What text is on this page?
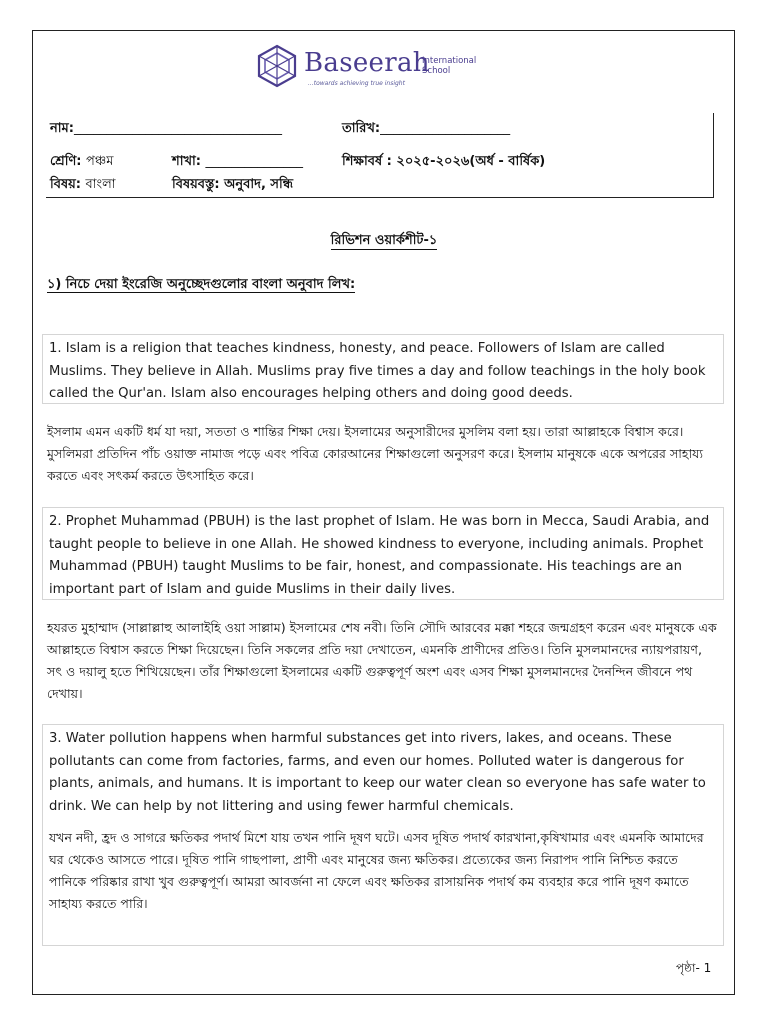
Baseerah
International
School
...towards achieving true insight
নাম:________________________________	তারিখ:____________________
শ্রেণি: পঞ্চম	শাখা: _______________	শিক্ষাবর্ষ : ২০২৫-২০২৬(অর্ধ - বার্ষিক)
বিষয়: বাংলা	বিষয়বস্তু: অনুবাদ, সন্ধি
রিভিশন ওয়ার্কশীট-১
১) নিচে দেয়া ইংরেজি অনুচ্ছেদগুলোর বাংলা অনুবাদ লিখ:
1. Islam is a religion that teaches kindness, honesty, and peace. Followers of Islam are called Muslims. They believe in Allah. Muslims pray five times a day and follow teachings in the holy book called the Qur'an. Islam also encourages helping others and doing good deeds.
ইসলাম এমন একটি ধর্ম যা দয়া, সততা ও শান্তির শিক্ষা দেয়। ইসলামের অনুসারীদের মুসলিম বলা হয়। তারা আল্লাহকে বিশ্বাস করে। মুসলিমরা প্রতিদিন পাঁচ ওয়াক্ত নামাজ পড়ে এবং পবিত্র কোরআনের শিক্ষাগুলো অনুসরণ করে। ইসলাম মানুষকে একে অপরের সাহায্য করতে এবং সৎকর্ম করতে উৎসাহিত করে।
2. Prophet Muhammad (PBUH) is the last prophet of Islam. He was born in Mecca, Saudi Arabia, and taught people to believe in one Allah. He showed kindness to everyone, including animals. Prophet Muhammad (PBUH) taught Muslims to be fair, honest, and compassionate. His teachings are an important part of Islam and guide Muslims in their daily lives.
হযরত মুহাম্মাদ (সাল্লাল্লাহু আলাইহি ওয়া সাল্লাম) ইসলামের শেষ নবী। তিনি সৌদি আরবের মক্কা শহরে জন্মগ্রহণ করেন এবং মানুষকে এক আল্লাহতে বিশ্বাস করতে শিক্ষা দিয়েছেন। তিনি সকলের প্রতি দয়া দেখাতেন, এমনকি প্রাণীদের প্রতিও। তিনি মুসলমানদের ন্যায়পরায়ণ, সৎ ও দয়ালু হতে শিখিয়েছেন। তাঁর শিক্ষাগুলো ইসলামের একটি গুরুত্বপূর্ণ অংশ এবং এসব শিক্ষা মুসলমানদের দৈনন্দিন জীবনে পথ দেখায়।
3. Water pollution happens when harmful substances get into rivers, lakes, and oceans. These pollutants can come from factories, farms, and even our homes. Polluted water is dangerous for plants, animals, and humans. It is important to keep our water clean so everyone has safe water to drink. We can help by not littering and using fewer harmful chemicals.
যখন নদী, হ্রদ ও সাগরে ক্ষতিকর পদার্থ মিশে যায় তখন পানি দূষণ ঘটে। এসব দূষিত পদার্থ কারখানা,কৃষিখামার এবং এমনকি আমাদের ঘর থেকেও আসতে পারে। দূষিত পানি গাছপালা, প্রাণী এবং মানুষের জন্য ক্ষতিকর। প্রত্যেকের জন্য নিরাপদ পানি নিশ্চিত করতে পানিকে পরিষ্কার রাখা খুব গুরুত্বপূর্ণ। আমরা আবর্জনা না ফেলে এবং ক্ষতিকর রাসায়নিক পদার্থ কম ব্যবহার করে পানি দূষণ কমাতে সাহায্য করতে পারি।
পৃষ্ঠা- 1
